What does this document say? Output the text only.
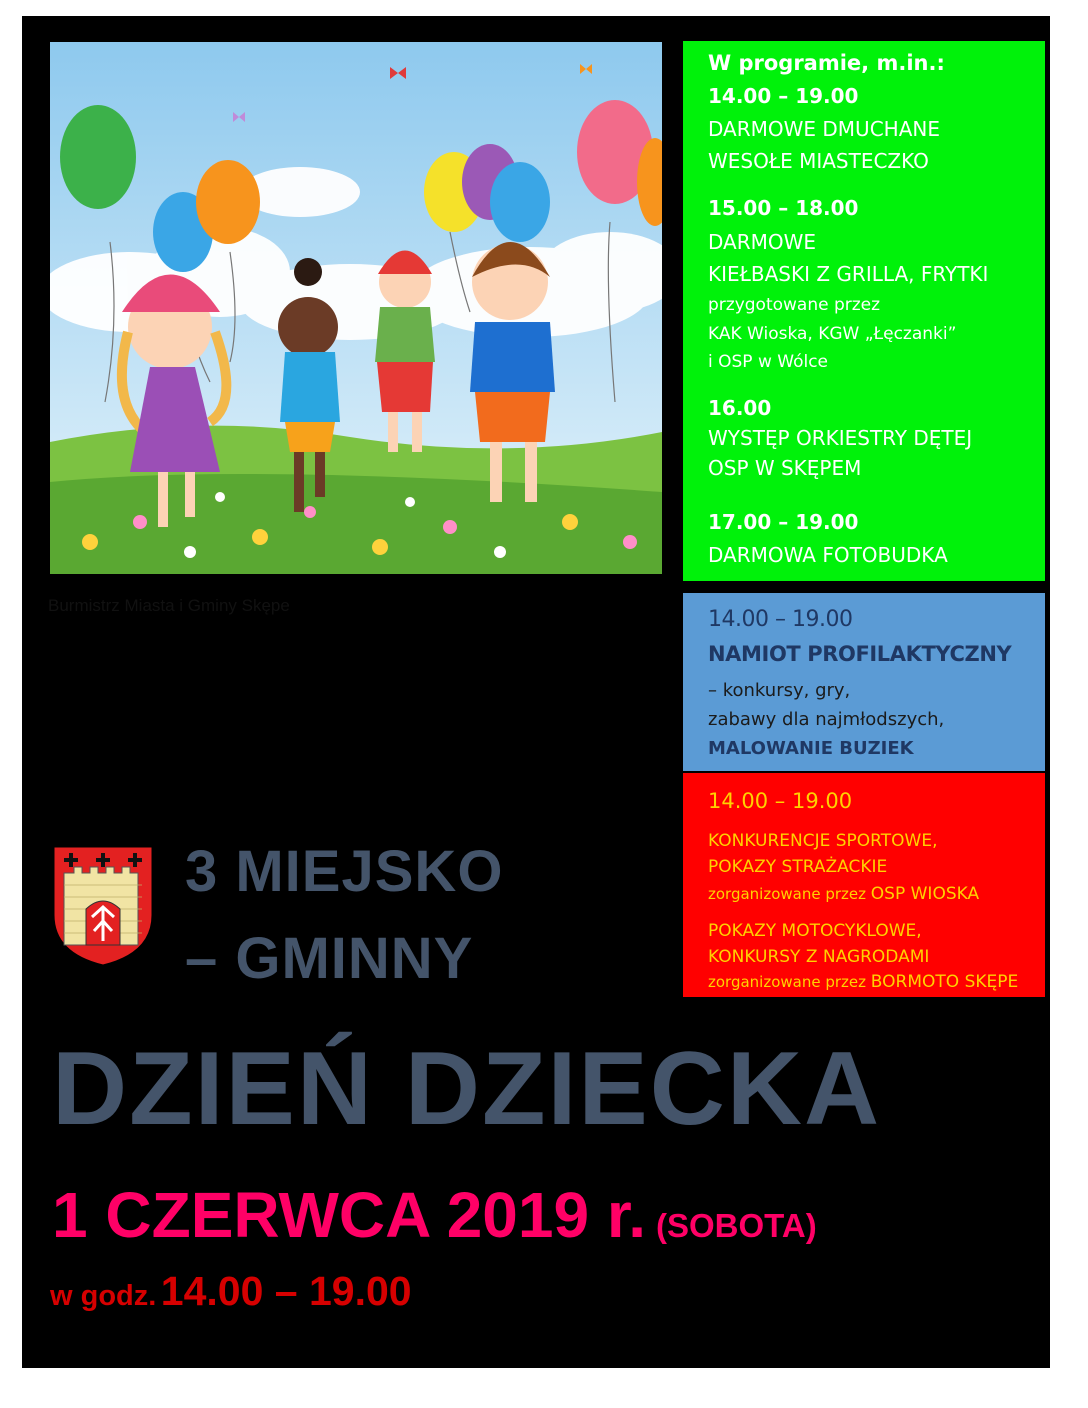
Burmistrz Miasta i Gminy Skępe
W programie, m.in.:
14.00 – 19.00
DARMOWE DMUCHANE
WESOŁE MIASTECZKO
15.00 – 18.00
DARMOWE
KIEŁBASKI Z GRILLA, FRYTKI
przygotowane przez
KAK Wioska, KGW „Łęczanki”
i OSP w Wólce
16.00
WYSTĘP ORKIESTRY DĘTEJ
OSP W SKĘPEM
17.00 – 19.00
DARMOWA FOTOBUDKA
14.00 – 19.00
NAMIOT PROFILAKTYCZNY
– konkursy, gry,
zabawy dla najmłodszych,
MALOWANIE BUZIEK
14.00 – 19.00
KONKURENCJE SPORTOWE,
POKAZY STRAŻACKIE
zorganizowane przez OSP WIOSKA
POKAZY MOTOCYKLOWE,
KONKURSY Z NAGRODAMI
zorganizowane przez BORMOTO SKĘPE
3 MIEJSKO
– GMINNY
DZIEŃ DZIECKA
1 CZERWCA 2019 r. (SOBOTA)
w godz. 14.00 – 19.00
